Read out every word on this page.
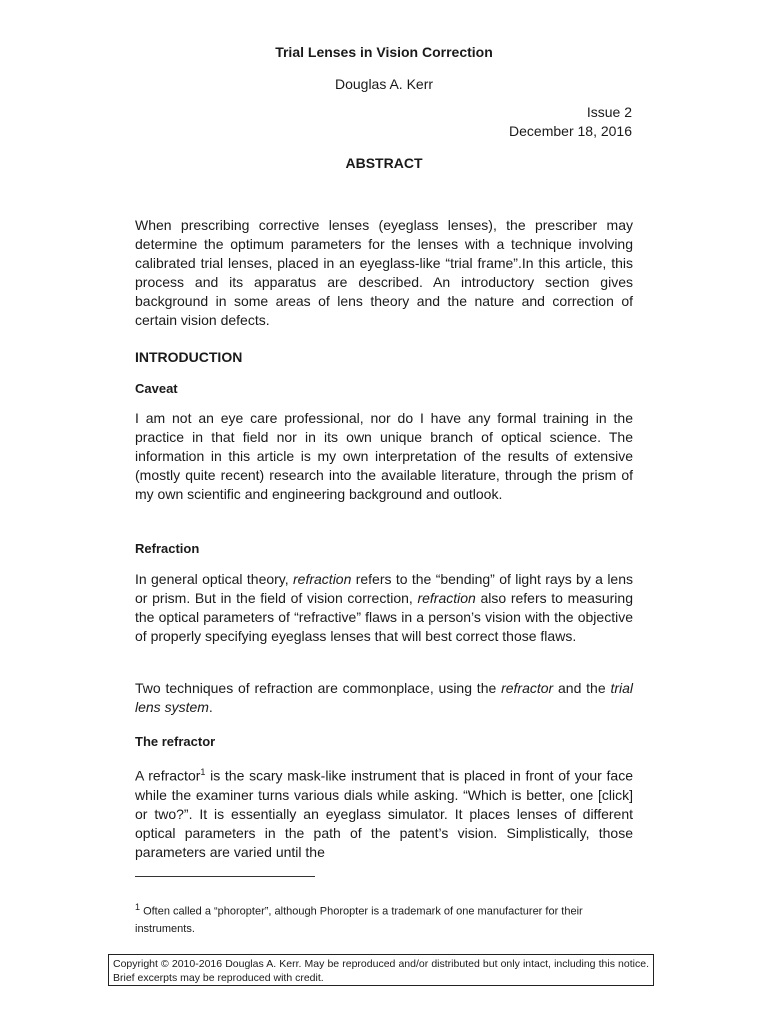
Trial Lenses in Vision Correction
Douglas A. Kerr
Issue 2
December 18, 2016
ABSTRACT
When prescribing corrective lenses (eyeglass lenses), the prescriber may determine the optimum parameters for the lenses with a technique involving calibrated trial lenses, placed in an eyeglass-like “trial frame”.In this article, this process and its apparatus are described. An introductory section gives background in some areas of lens theory and the nature and correction of certain vision defects.
INTRODUCTION
Caveat
I am not an eye care professional, nor do I have any formal training in the practice in that field nor in its own unique branch of optical science. The information in this article is my own interpretation of the results of extensive (mostly quite recent) research into the available literature, through the prism of my own scientific and engineering background and outlook.
Refraction
In general optical theory, refraction refers to the “bending” of light rays by a lens or prism. But in the field of vision correction, refraction also refers to measuring the optical parameters of “refractive” flaws in a person’s vision with the objective of properly specifying eyeglass lenses that will best correct those flaws.
Two techniques of refraction are commonplace, using the refractor and the trial lens system.
The refractor
A refractor$^1$ is the scary mask-like instrument that is placed in front of your face while the examiner turns various dials while asking. “Which is better, one [click] or two?”. It is essentially an eyeglass simulator. It places lenses of different optical parameters in the path of the patent’s vision. Simplistically, those parameters are varied until the
$^1$ Often called a “phoropter”, although Phoropter is a trademark of one manufacturer for their instruments.
Copyright © 2010-2016 Douglas A. Kerr. May be reproduced and/or distributed but only intact, including this notice. Brief excerpts may be reproduced with credit.
